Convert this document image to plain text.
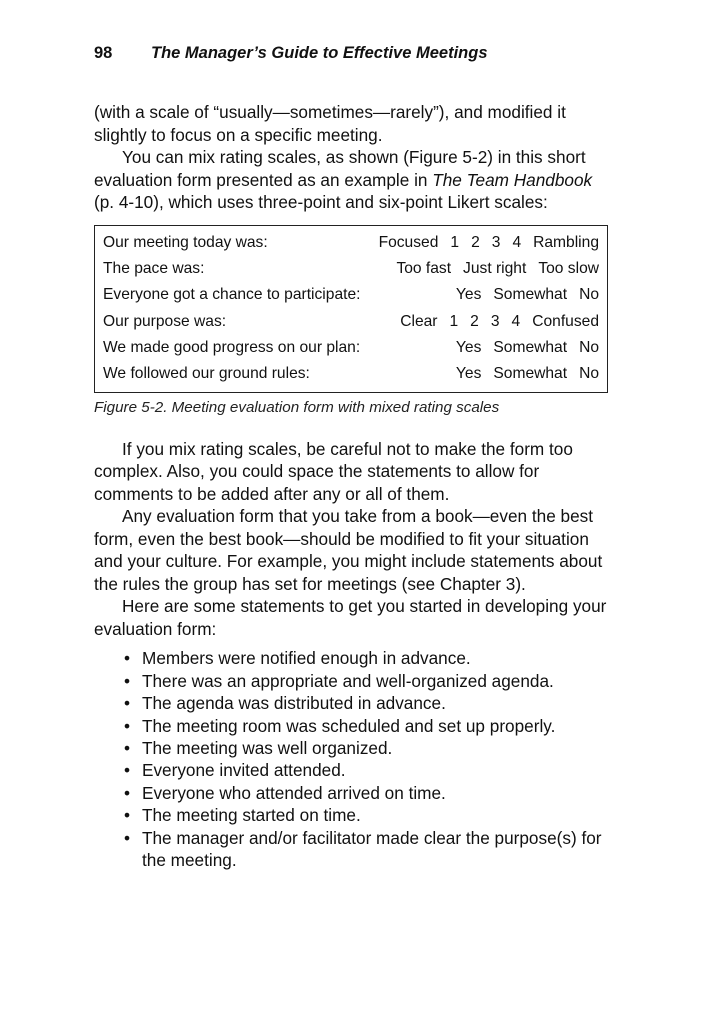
98	The Manager’s Guide to Effective Meetings

(with a scale of “usually—sometimes—rarely”), and modified it slightly to focus on a specific meeting.

You can mix rating scales, as shown (Figure 5-2) in this short evaluation form presented as an example in The Team Handbook (p. 4-10), which uses three-point and six-point Likert scales:

Our meeting today was:	Focused 1 2 3 4 Rambling
The pace was:	Too fast Just right Too slow
Everyone got a chance to participate:	Yes Somewhat No
Our purpose was:	Clear 1 2 3 4 Confused
We made good progress on our plan:	Yes Somewhat No
We followed our ground rules:	Yes Somewhat No
Figure 5-2. Meeting evaluation form with mixed rating scales

If you mix rating scales, be careful not to make the form too complex. Also, you could space the statements to allow for comments to be added after any or all of them.

Any evaluation form that you take from a book—even the best form, even the best book—should be modified to fit your situation and your culture. For example, you might include statements about the rules the group has set for meetings (see Chapter 3).

Here are some statements to get you started in developing your evaluation form:

• Members were notified enough in advance.
• There was an appropriate and well-organized agenda.
• The agenda was distributed in advance.
• The meeting room was scheduled and set up properly.
• The meeting was well organized.
• Everyone invited attended.
• Everyone who attended arrived on time.
• The meeting started on time.
• The manager and/or facilitator made clear the purpose(s) for the meeting.
